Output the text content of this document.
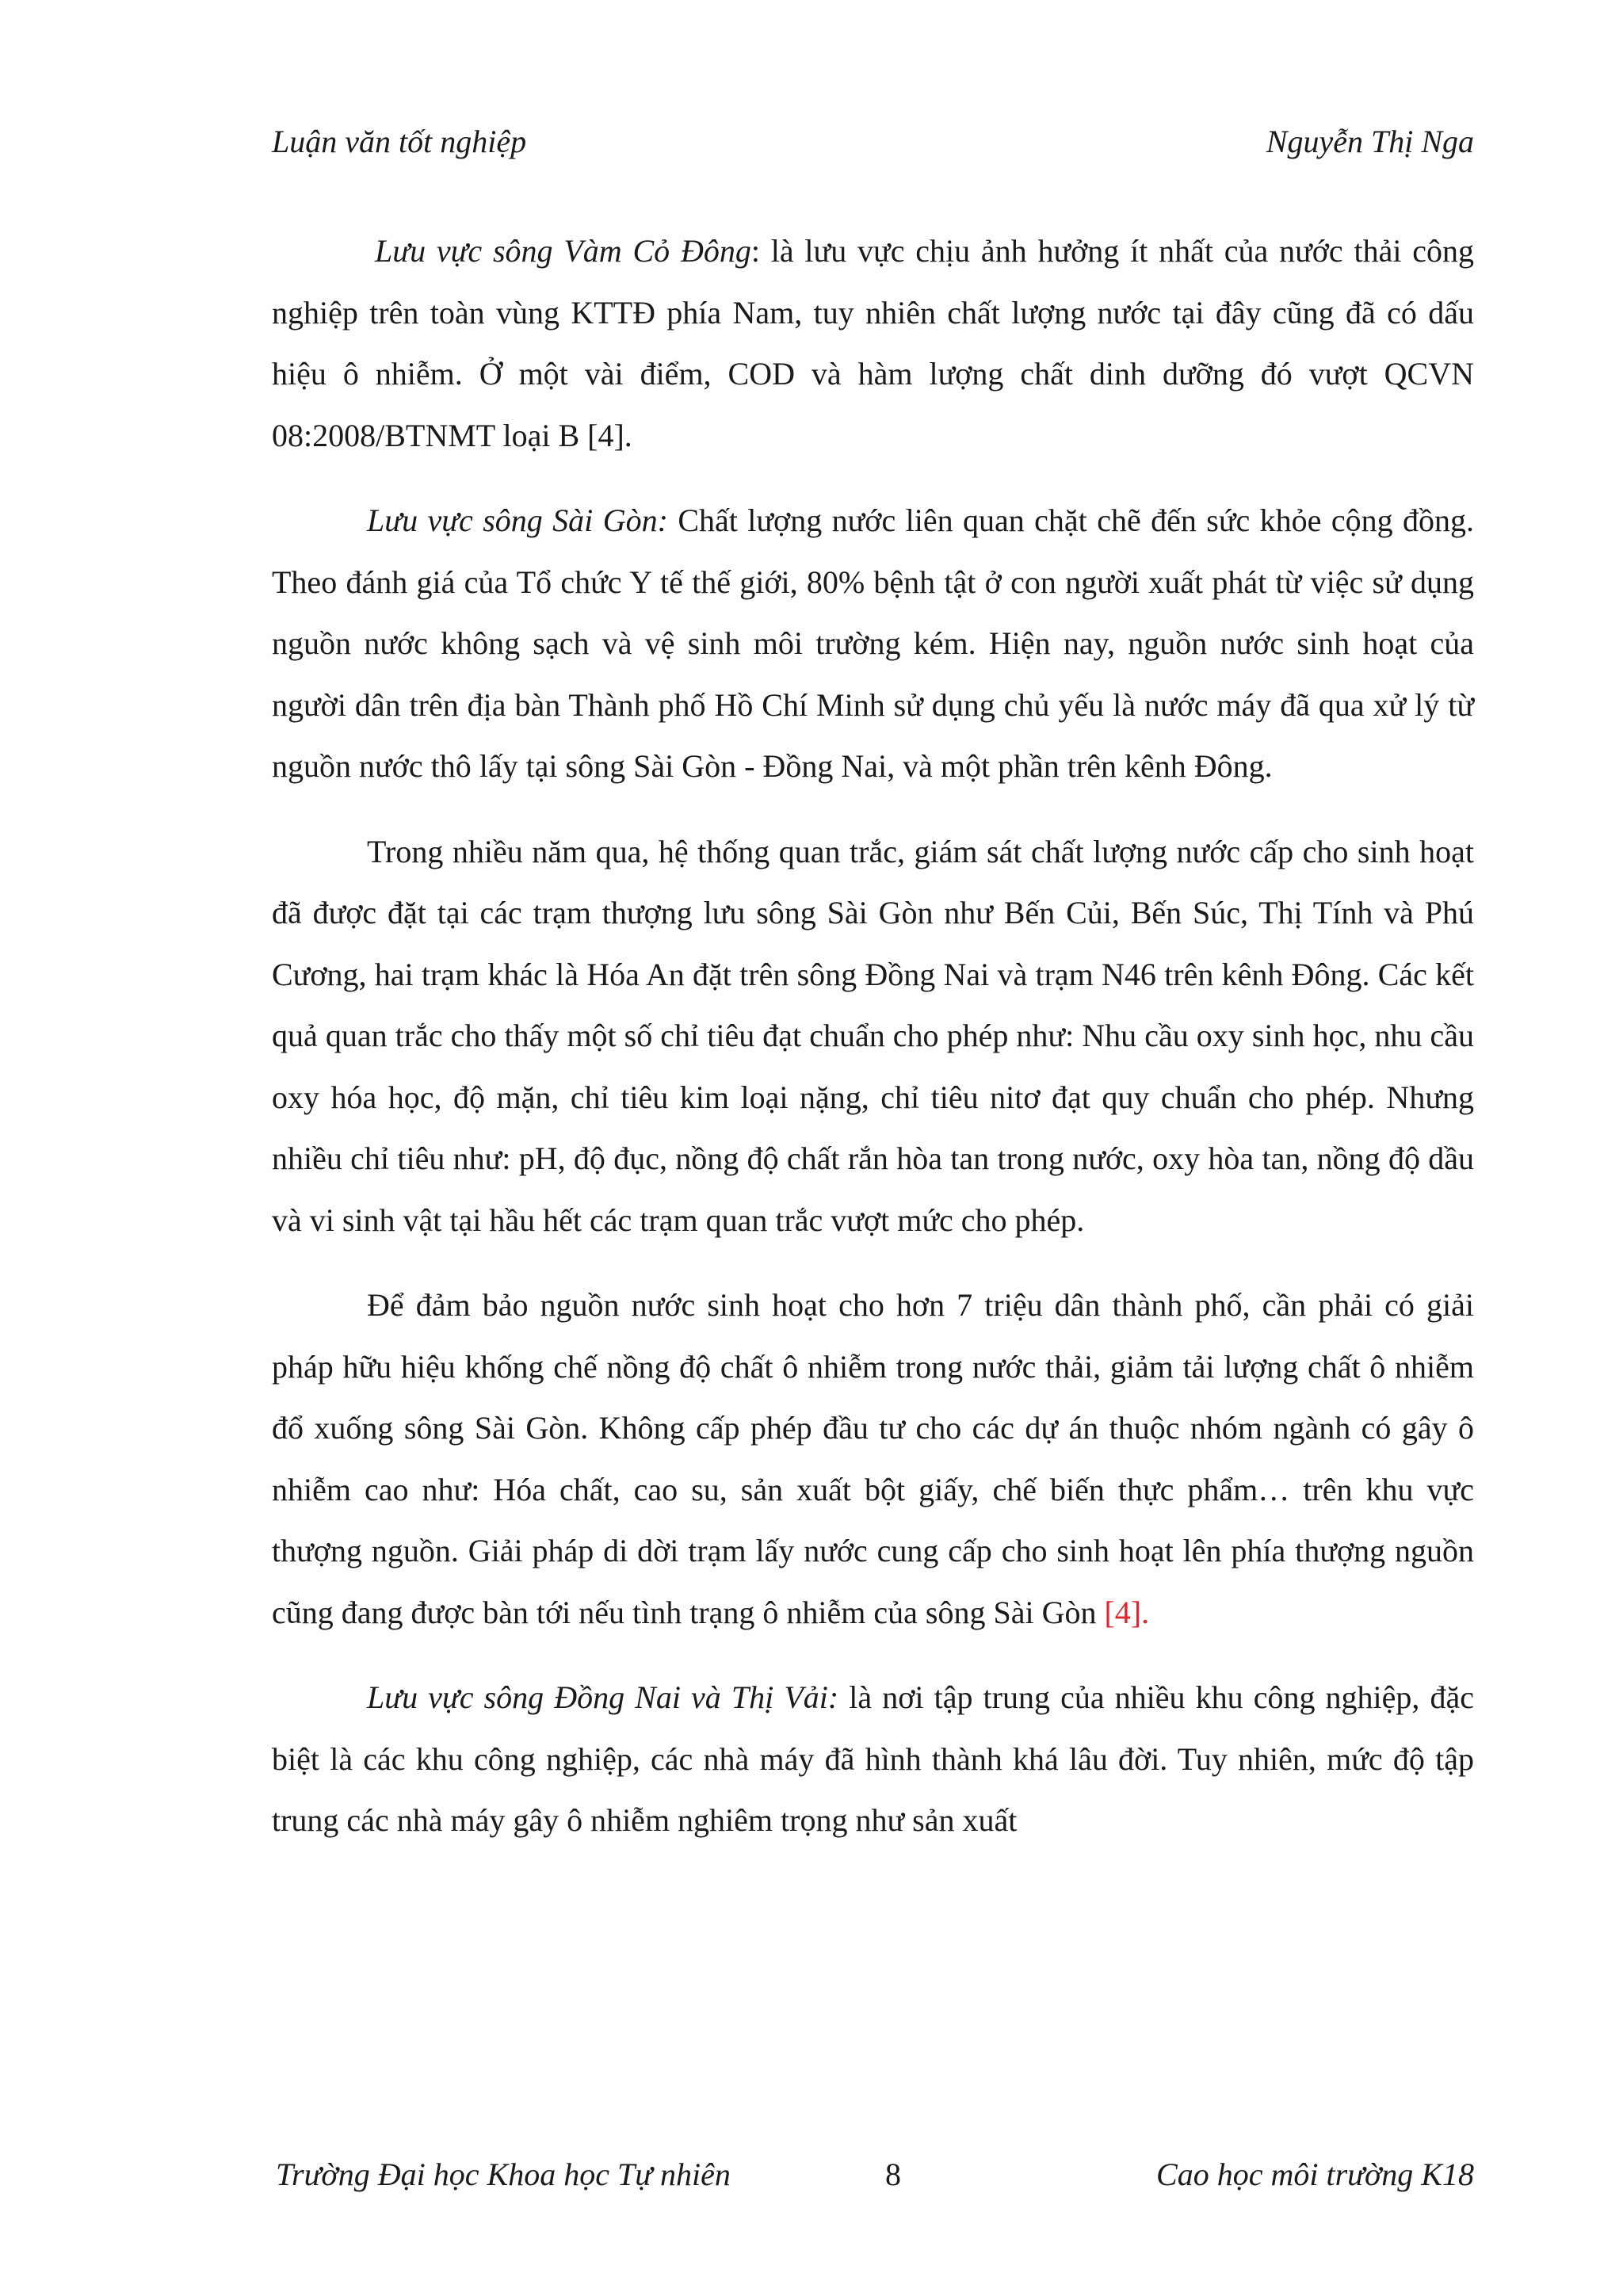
Luận văn tốt nghiệp	Nguyễn Thị Nga

Lưu vực sông Vàm Cỏ Đông: là lưu vực chịu ảnh hưởng ít nhất của nước thải công nghiệp trên toàn vùng KTTĐ phía Nam, tuy nhiên chất lượng nước tại đây cũng đã có dấu hiệu ô nhiễm. Ở một vài điểm, COD và hàm lượng chất dinh dưỡng đó vượt QCVN 08:2008/BTNMT loại B [4].

Lưu vực sông Sài Gòn: Chất lượng nước liên quan chặt chẽ đến sức khỏe cộng đồng. Theo đánh giá của Tổ chức Y tế thế giới, 80% bệnh tật ở con người xuất phát từ việc sử dụng nguồn nước không sạch và vệ sinh môi trường kém. Hiện nay, nguồn nước sinh hoạt của người dân trên địa bàn Thành phố Hồ Chí Minh sử dụng chủ yếu là nước máy đã qua xử lý từ nguồn nước thô lấy tại sông Sài Gòn - Đồng Nai, và một phần trên kênh Đông.

Trong nhiều năm qua, hệ thống quan trắc, giám sát chất lượng nước cấp cho sinh hoạt đã được đặt tại các trạm thượng lưu sông Sài Gòn như Bến Củi, Bến Súc, Thị Tính và Phú Cương, hai trạm khác là Hóa An đặt trên sông Đồng Nai và trạm N46 trên kênh Đông. Các kết quả quan trắc cho thấy một số chỉ tiêu đạt chuẩn cho phép như: Nhu cầu oxy sinh học, nhu cầu oxy hóa học, độ mặn, chỉ tiêu kim loại nặng, chỉ tiêu nitơ đạt quy chuẩn cho phép. Nhưng nhiều chỉ tiêu như: pH, độ đục, nồng độ chất rắn hòa tan trong nước, oxy hòa tan, nồng độ dầu và vi sinh vật tại hầu hết các trạm quan trắc vượt mức cho phép.

Để đảm bảo nguồn nước sinh hoạt cho hơn 7 triệu dân thành phố, cần phải có giải pháp hữu hiệu khống chế nồng độ chất ô nhiễm trong nước thải, giảm tải lượng chất ô nhiễm đổ xuống sông Sài Gòn. Không cấp phép đầu tư cho các dự án thuộc nhóm ngành có gây ô nhiễm cao như: Hóa chất, cao su, sản xuất bột giấy, chế biến thực phẩm… trên khu vực thượng nguồn. Giải pháp di dời trạm lấy nước cung cấp cho sinh hoạt lên phía thượng nguồn cũng đang được bàn tới nếu tình trạng ô nhiễm của sông Sài Gòn [4].

Lưu vực sông Đồng Nai và Thị Vải: là nơi tập trung của nhiều khu công nghiệp, đặc biệt là các khu công nghiệp, các nhà máy đã hình thành khá lâu đời. Tuy nhiên, mức độ tập trung các nhà máy gây ô nhiễm nghiêm trọng như sản xuất

Trường Đại học Khoa học Tự nhiên	8	Cao học môi trường K18
